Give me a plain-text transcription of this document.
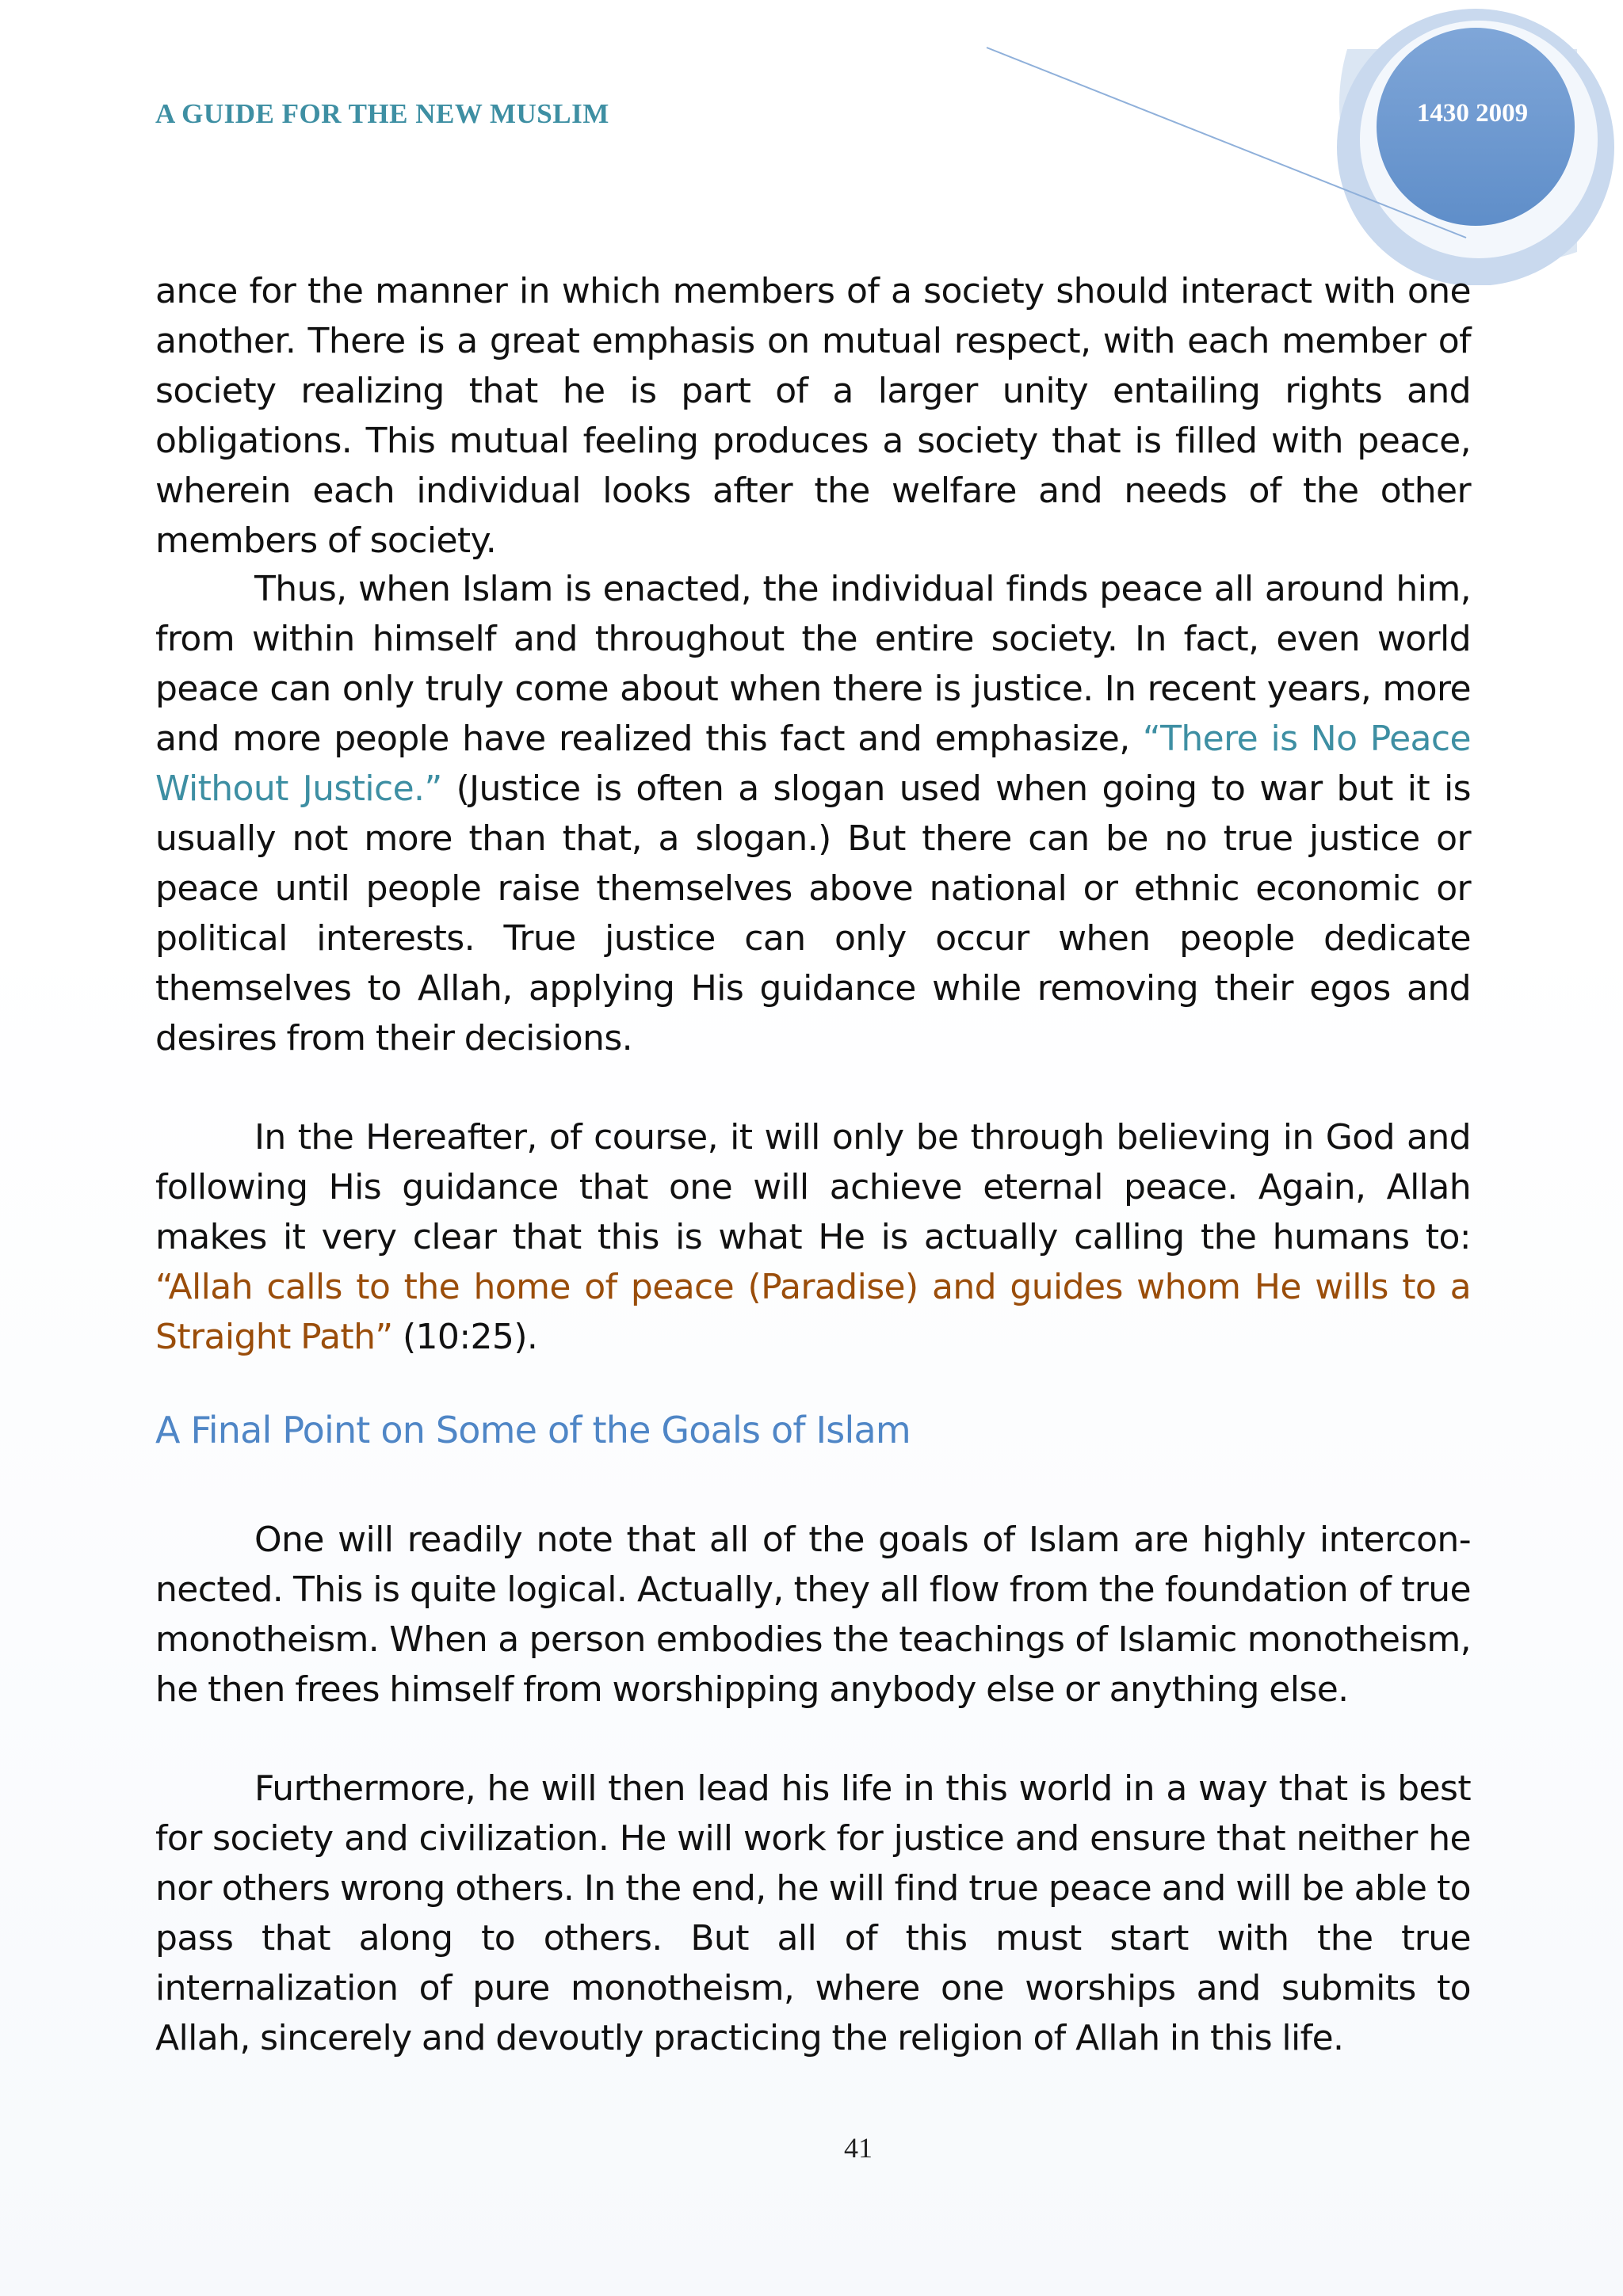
A GUIDE FOR THE NEW MUSLIM	1430 2009

ance for the manner in which members of a society should interact with one another. There is a great emphasis on mutual respect, with each member of society realizing that he is part of a larger unity entailing rights and obligations. This mutual feeling produces a society that is filled with peace, wherein each individual looks after the welfare and needs of the other members of society.

Thus, when Islam is enacted, the individual finds peace all around him, from within himself and throughout the entire society. In fact, even world peace can only truly come about when there is justice. In recent years, more and more people have realized this fact and emphasize, “There is No Peace Without Justice.” (Justice is often a slogan used when going to war but it is usually not more than that, a slogan.) But there can be no true justice or peace until people raise themselves above national or ethnic economic or political interests. True justice can only occur when people dedicate themselves to Allah, applying His guidance while removing their egos and desires from their decisions.

In the Hereafter, of course, it will only be through believing in God and following His guidance that one will achieve eternal peace. Again, Allah makes it very clear that this is what He is actually calling the humans to: “Allah calls to the home of peace (Paradise) and guides whom He wills to a Straight Path” (10:25).

A Final Point on Some of the Goals of Islam

One will readily note that all of the goals of Islam are highly intercon-nected. This is quite logical. Actually, they all flow from the foundation of true monotheism. When a person embodies the teachings of Islamic monotheism, he then frees himself from worshipping anybody else or anything else.

Furthermore, he will then lead his life in this world in a way that is best for society and civilization. He will work for justice and ensure that neither he nor others wrong others. In the end, he will find true peace and will be able to pass that along to others. But all of this must start with the true internalization of pure monotheism, where one worships and submits to Allah, sincerely and devoutly practicing the religion of Allah in this life.

41
